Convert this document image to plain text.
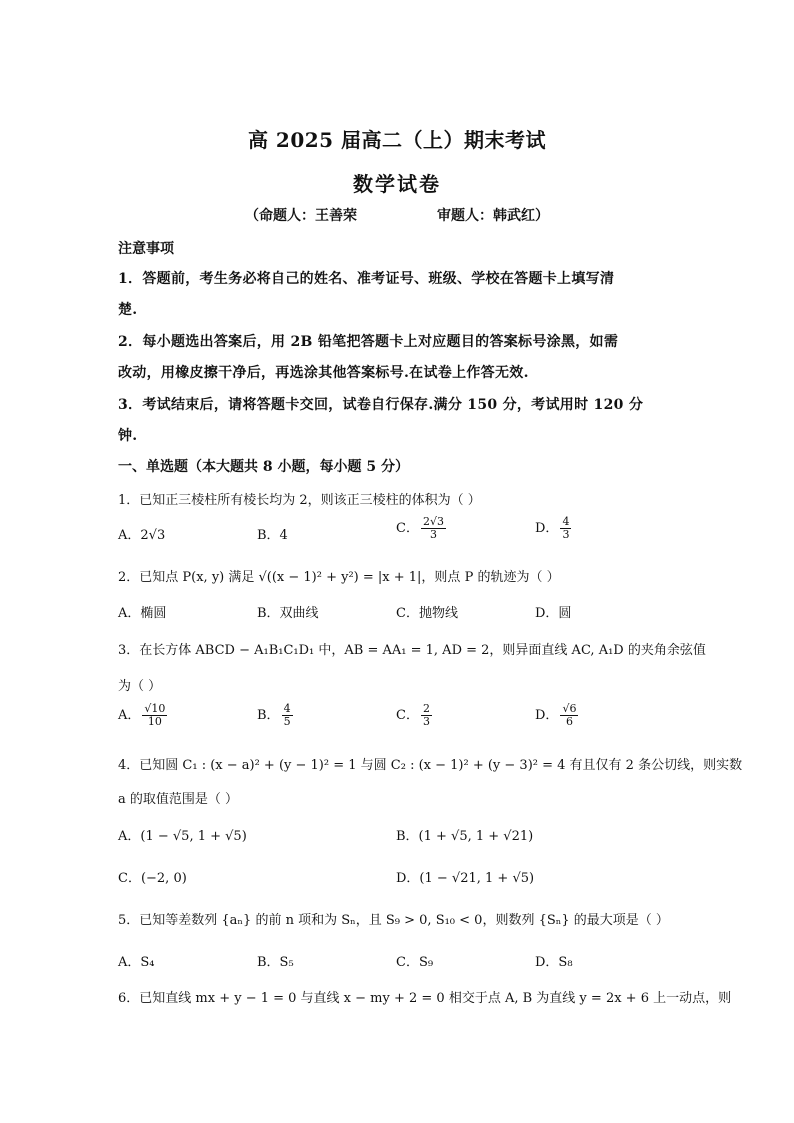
高 2025 届高二（上）期末考试
数学试卷
（命题人：王善荣	审题人：韩武红）
注意事项
1．答题前，考生务必将自己的姓名、准考证号、班级、学校在答题卡上填写清
楚.
2．每小题选出答案后，用 2B 铅笔把答题卡上对应题目的答案标号涂黑，如需
改动，用橡皮擦干净后，再选涂其他答案标号.在试卷上作答无效.
3．考试结束后，请将答题卡交回，试卷自行保存.满分 150 分，考试用时 120 分
钟.
一、单选题（本大题共 8 小题，每小题 5 分）
1．已知正三棱柱所有棱长均为 2，则该正三棱柱的体积为（ ）
A．2√3	B．4	C． $\frac{2√3}{3}$	D． $\frac{4}{3}$
2．已知点 P(x, y) 满足 √((x − 1)² + y²) = |x + 1|，则点 P 的轨迹为（ ）
A．椭圆	B．双曲线	C．抛物线	D．圆
3．在长方体 ABCD − A₁B₁C₁D₁ 中，AB = AA₁ = 1, AD = 2，则异面直线 AC, A₁D 的夹角余弦值
为（ ）
A． $\frac{√10}{10}$	B． $\frac{4}{5}$	C． $\frac{2}{3}$	D． $\frac{√6}{6}$
4．已知圆 C₁ : (x − a)² + (y − 1)² = 1 与圆 C₂ : (x − 1)² + (y − 3)² = 4 有且仅有 2 条公切线，则实数
a 的取值范围是（ ）
A．(1 − √5, 1 + √5)	B．(1 + √5, 1 + √21)
C．(−2, 0)	D．(1 − √21, 1 + √5)
5．已知等差数列 {aₙ} 的前 n 项和为 Sₙ，且 S₉ > 0, S₁₀ < 0，则数列 {Sₙ} 的最大项是（ ）
A．S₄	B．S₅	C．S₉	D．S₈
6．已知直线 mx + y − 1 = 0 与直线 x − my + 2 = 0 相交于点 A, B 为直线 y = 2x + 6 上一动点，则
